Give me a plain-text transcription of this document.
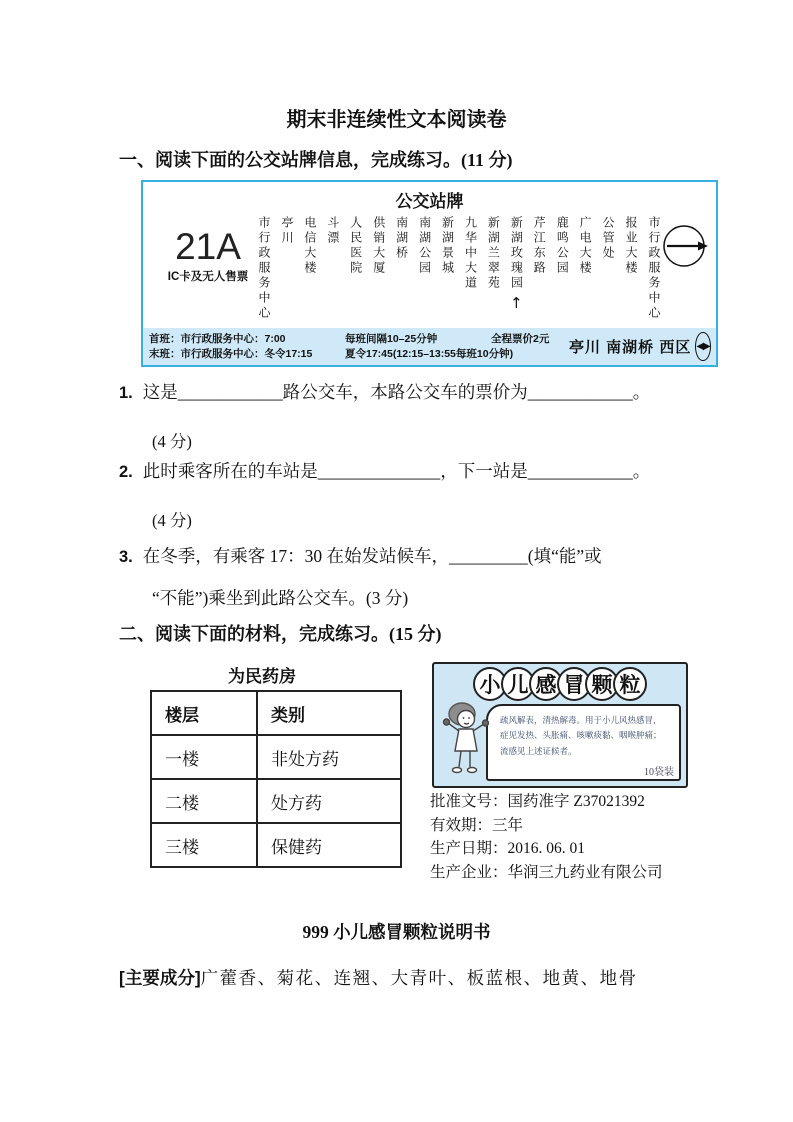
期末非连续性文本阅读卷
一、阅读下面的公交站牌信息，完成练习。(11 分)
公交站牌
21A
IC卡及无人售票 市行政服务中心 亭川 电信大楼 斗漂 人民医院 供销大厦 南湖桥 南湖公园 新湖景城 九华中大道 新湖兰翠苑 新湖玫瑰园
↑
芹江东路 鹿鸣公园 广电大楼 公管处 报业大楼 市行政服务中心
首班：市行政服务中心：7:00	每班间隔10–25分钟	全程票价2元
末班：市行政服务中心：冬令17:15	夏令17:45(12:15–13:55每班10分钟)	亭川 南湖桥 西区 ◀▶
1. 这是____________路公交车，本路公交车的票价为____________。
(4 分)
2. 此时乘客所在的车站是______________，下一站是____________。
(4 分)
3. 在冬季，有乘客 17：30 在始发站候车，_________(填“能”或
“不能”)乘坐到此路公交车。(3 分)
二、阅读下面的材料，完成练习。(15 分)
为民药房
楼层	类别
一楼	非处方药
二楼	处方药
三楼	保健药
小 儿 感 冒 颗 粒
疏风解表，清热解毒。用于小儿风热感冒，
症见发热、头胀痛、咳嗽痰黏、咽喉肿痛；
流感见上述证候者。
10袋装
批准文号：国药准字 Z37021392
有效期：三年
生产日期：2016. 06. 01
生产企业：华润三九药业有限公司
999 小儿感冒颗粒说明书
[主要成分]广藿香、菊花、连翘、大青叶、板蓝根、地黄、地骨
